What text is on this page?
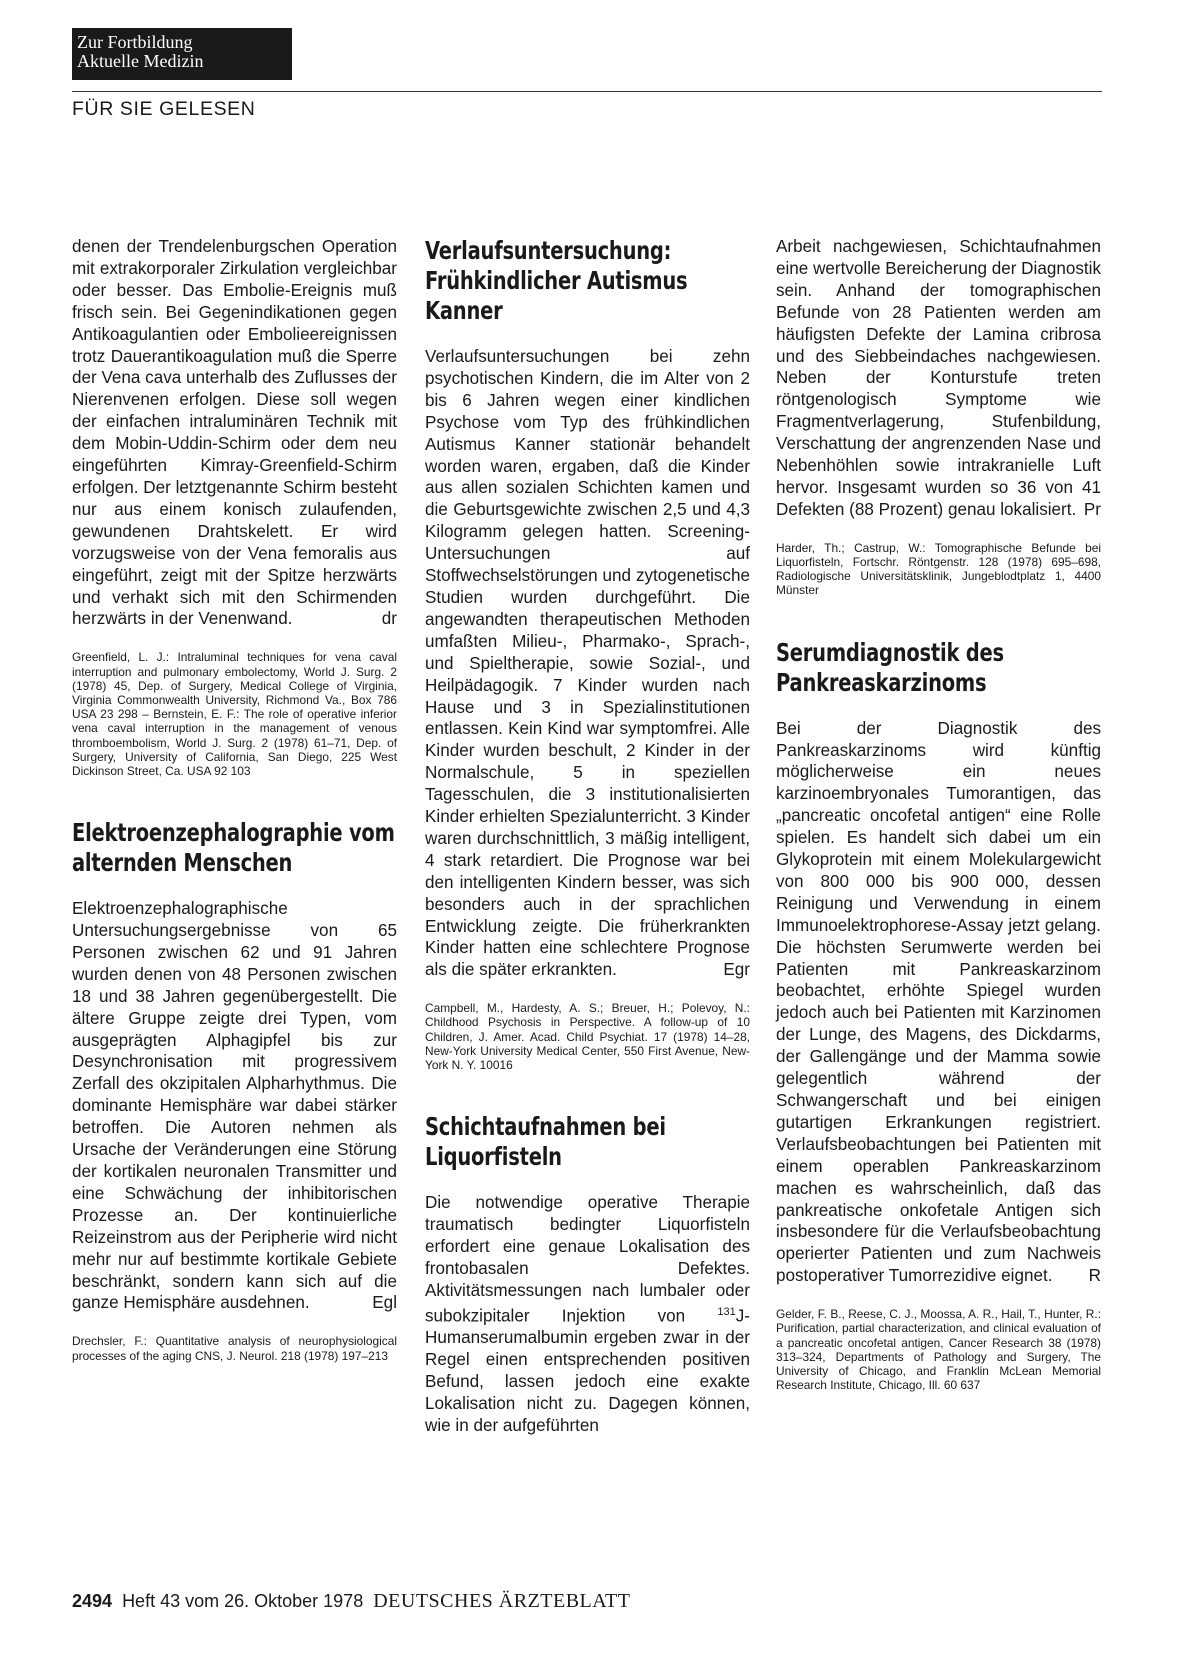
Zur Fortbildung
Aktuelle Medizin
FÜR SIE GELESEN

denen der Trendelenburgschen Operation mit extrakorporaler Zirkulation vergleichbar oder besser. Das Embolie-Ereignis muß frisch sein. Bei Gegenindikationen gegen Antikoagulantien oder Embolieereignissen trotz Dauerantikoagulation muß die Sperre der Vena cava unterhalb des Zuflusses der Nierenvenen erfolgen. Diese soll wegen der einfachen intraluminären Technik mit dem Mobin-Uddin-Schirm oder dem neu eingeführten Kimray-Greenfield-Schirm erfolgen. Der letztgenannte Schirm besteht nur aus einem konisch zulaufenden, gewundenen Drahtskelett. Er wird vorzugsweise von der Vena femoralis aus eingeführt, zeigt mit der Spitze herzwärts und verhakt sich mit den Schirmenden herzwärts in der Venenwand.	dr

Greenfield, L. J.: Intraluminal techniques for vena caval interruption and pulmonary embolectomy, World J. Surg. 2 (1978) 45, Dep. of Surgery, Medical College of Virginia, Virginia Commonwealth University, Richmond Va., Box 786 USA 23 298 – Bernstein, E. F.: The role of operative inferior vena caval interruption in the management of venous thromboembolism, World J. Surg. 2 (1978) 61–71, Dep. of Surgery, University of California, San Diego, 225 West Dickinson Street, Ca. USA 92 103

Elektroenzephalographie vom alternden Menschen

Elektroenzephalographische Untersuchungsergebnisse von 65 Personen zwischen 62 und 91 Jahren wurden denen von 48 Personen zwischen 18 und 38 Jahren gegenübergestellt. Die ältere Gruppe zeigte drei Typen, vom ausgeprägten Alphagipfel bis zur Desynchronisation mit progressivem Zerfall des okzipitalen Alpharhythmus. Die dominante Hemisphäre war dabei stärker betroffen. Die Autoren nehmen als Ursache der Veränderungen eine Störung der kortikalen neuronalen Transmitter und eine Schwächung der inhibitorischen Prozesse an. Der kontinuierliche Reizeinstrom aus der Peripherie wird nicht mehr nur auf bestimmte kortikale Gebiete beschränkt, sondern kann sich auf die ganze Hemisphäre ausdehnen.	Egl

Drechsler, F.: Quantitative analysis of neurophysiological processes of the aging CNS, J. Neurol. 218 (1978) 197–213

Verlaufsuntersuchung: Frühkindlicher Autismus Kanner

Verlaufsuntersuchungen bei zehn psychotischen Kindern, die im Alter von 2 bis 6 Jahren wegen einer kindlichen Psychose vom Typ des frühkindlichen Autismus Kanner stationär behandelt worden waren, ergaben, daß die Kinder aus allen sozialen Schichten kamen und die Geburtsgewichte zwischen 2,5 und 4,3 Kilogramm gelegen hatten. Screening-Untersuchungen auf Stoffwechselstörungen und zytogenetische Studien wurden durchgeführt. Die angewandten therapeutischen Methoden umfaßten Milieu-, Pharmako-, Sprach-, und Spieltherapie, sowie Sozial-, und Heilpädagogik. 7 Kinder wurden nach Hause und 3 in Spezialinstitutionen entlassen. Kein Kind war symptomfrei. Alle Kinder wurden beschult, 2 Kinder in der Normalschule, 5 in speziellen Tagesschulen, die 3 institutionalisierten Kinder erhielten Spezialunterricht. 3 Kinder waren durchschnittlich, 3 mäßig intelligent, 4 stark retardiert. Die Prognose war bei den intelligenten Kindern besser, was sich besonders auch in der sprachlichen Entwicklung zeigte. Die früherkrankten Kinder hatten eine schlechtere Prognose als die später erkrankten.	Egr

Campbell, M., Hardesty, A. S.; Breuer, H.; Polevoy, N.: Childhood Psychosis in Perspective. A follow-up of 10 Children, J. Amer. Acad. Child Psychiat. 17 (1978) 14–28, New-York University Medical Center, 550 First Avenue, New-York N. Y. 10016

Schichtaufnahmen bei Liquorfisteln

Die notwendige operative Therapie traumatisch bedingter Liquorfisteln erfordert eine genaue Lokalisation des frontobasalen Defektes. Aktivitätsmessungen nach lumbaler oder subokzipitaler Injektion von $^{131}$J-Humanserumalbumin ergeben zwar in der Regel einen entsprechenden positiven Befund, lassen jedoch eine exakte Lokalisation nicht zu. Dagegen können, wie in der aufgeführten

Arbeit nachgewiesen, Schichtaufnahmen eine wertvolle Bereicherung der Diagnostik sein. Anhand der tomographischen Befunde von 28 Patienten werden am häufigsten Defekte der Lamina cribrosa und des Siebbeindaches nachgewiesen. Neben der Konturstufe treten röntgenologisch Symptome wie Fragmentverlagerung, Stufenbildung, Verschattung der angrenzenden Nase und Nebenhöhlen sowie intrakranielle Luft hervor. Insgesamt wurden so 36 von 41 Defekten (88 Prozent) genau lokalisiert. Pr

Harder, Th.; Castrup, W.: Tomographische Befunde bei Liquorfisteln, Fortschr. Röntgenstr. 128 (1978) 695–698, Radiologische Universitätsklinik, Jungeblodtplatz 1, 4400 Münster

Serumdiagnostik des Pankreaskarzinoms

Bei der Diagnostik des Pankreaskarzinoms wird künftig möglicherweise ein neues karzinoembryonales Tumorantigen, das „pancreatic oncofetal antigen“ eine Rolle spielen. Es handelt sich dabei um ein Glykoprotein mit einem Molekulargewicht von 800 000 bis 900 000, dessen Reinigung und Verwendung in einem Immunoelektrophorese-Assay jetzt gelang. Die höchsten Serumwerte werden bei Patienten mit Pankreaskarzinom beobachtet, erhöhte Spiegel wurden jedoch auch bei Patienten mit Karzinomen der Lunge, des Magens, des Dickdarms, der Gallengänge und der Mamma sowie gelegentlich während der Schwangerschaft und bei einigen gutartigen Erkrankungen registriert. Verlaufsbeobachtungen bei Patienten mit einem operablen Pankreaskarzinom machen es wahrscheinlich, daß das pankreatische onkofetale Antigen sich insbesondere für die Verlaufsbeobachtung operierter Patienten und zum Nachweis postoperativer Tumorrezidive eignet. R

Gelder, F. B., Reese, C. J., Moossa, A. R., Hail, T., Hunter, R.: Purification, partial characterization, and clinical evaluation of a pancreatic oncofetal antigen, Cancer Research 38 (1978) 313–324, Departments of Pathology and Surgery, The University of Chicago, and Franklin McLean Memorial Research Institute, Chicago, Ill. 60 637

2494 Heft 43 vom 26. Oktober 1978 DEUTSCHES ÄRZTEBLATT
